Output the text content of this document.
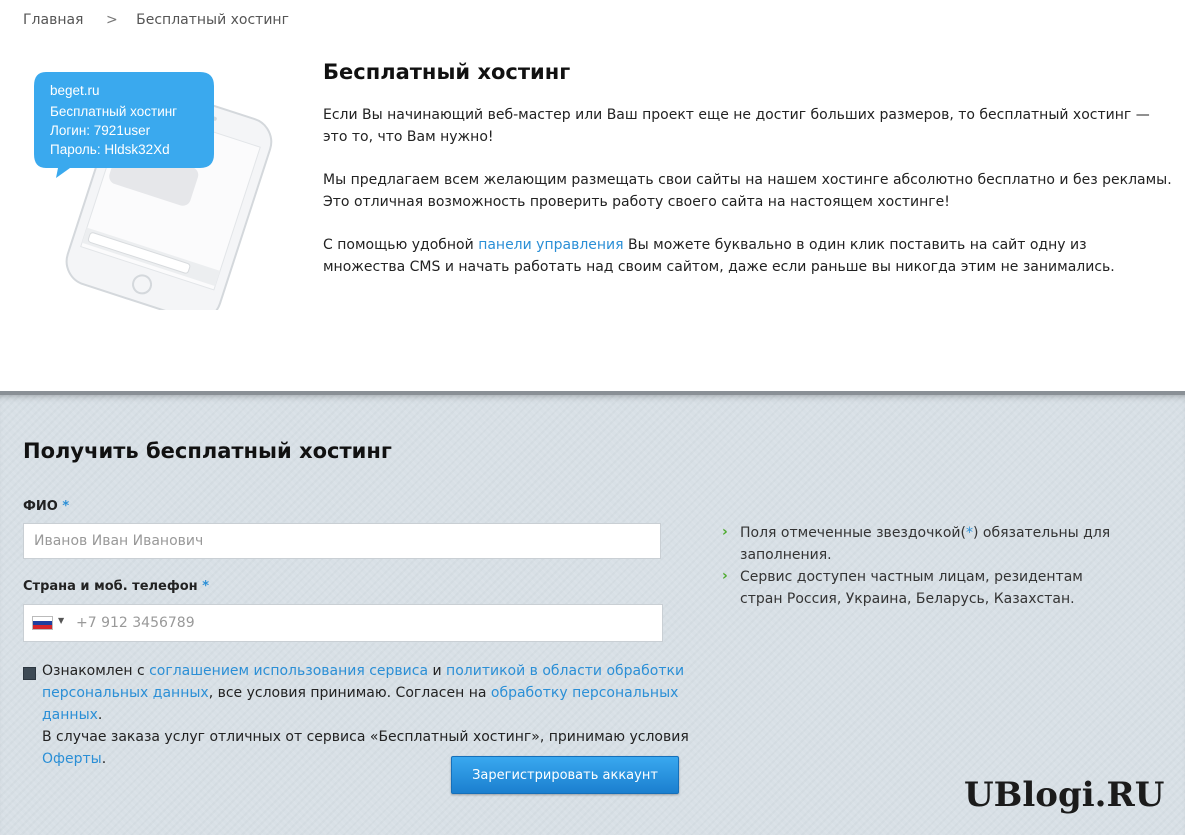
Главная > Бесплатный хостинг
beget.ru
Бесплатный хостинг
Логин: 7921user
Пароль: Hldsk32Xd
Бесплатный хостинг

Если Вы начинающий веб-мастер или Ваш проект еще не достиг больших размеров, то бесплатный хостинг — это то, что Вам нужно!

Мы предлагаем всем желающим размещать свои сайты на нашем хостинге абсолютно бесплатно и без рекламы. Это отличная возможность проверить работу своего сайта на настоящем хостинге!

С помощью удобной панели управления Вы можете буквально в один клик поставить на сайт одну из множества CMS и начать работать над своим сайтом, даже если раньше вы никогда этим не занимались.

Получить бесплатный хостинг
ФИО *
Иванов Иван Иванович
Страна и моб. телефон *
▼
+7 912 3456789
Ознакомлен с соглашением использования сервиса и политикой в области обработки персональных данных, все условия принимаю. Согласен на обработку персональных данных.
В случае заказа услуг отличных от сервиса «Бесплатный хостинг», принимаю условия Оферты.
› Поля отмеченные звездочкой(*) обязательны для заполнения.
› Сервис доступен частным лицам, резидентам стран Россия, Украина, Беларусь, Казахстан.
Зарегистрировать аккаунт	UBlogi.RU
